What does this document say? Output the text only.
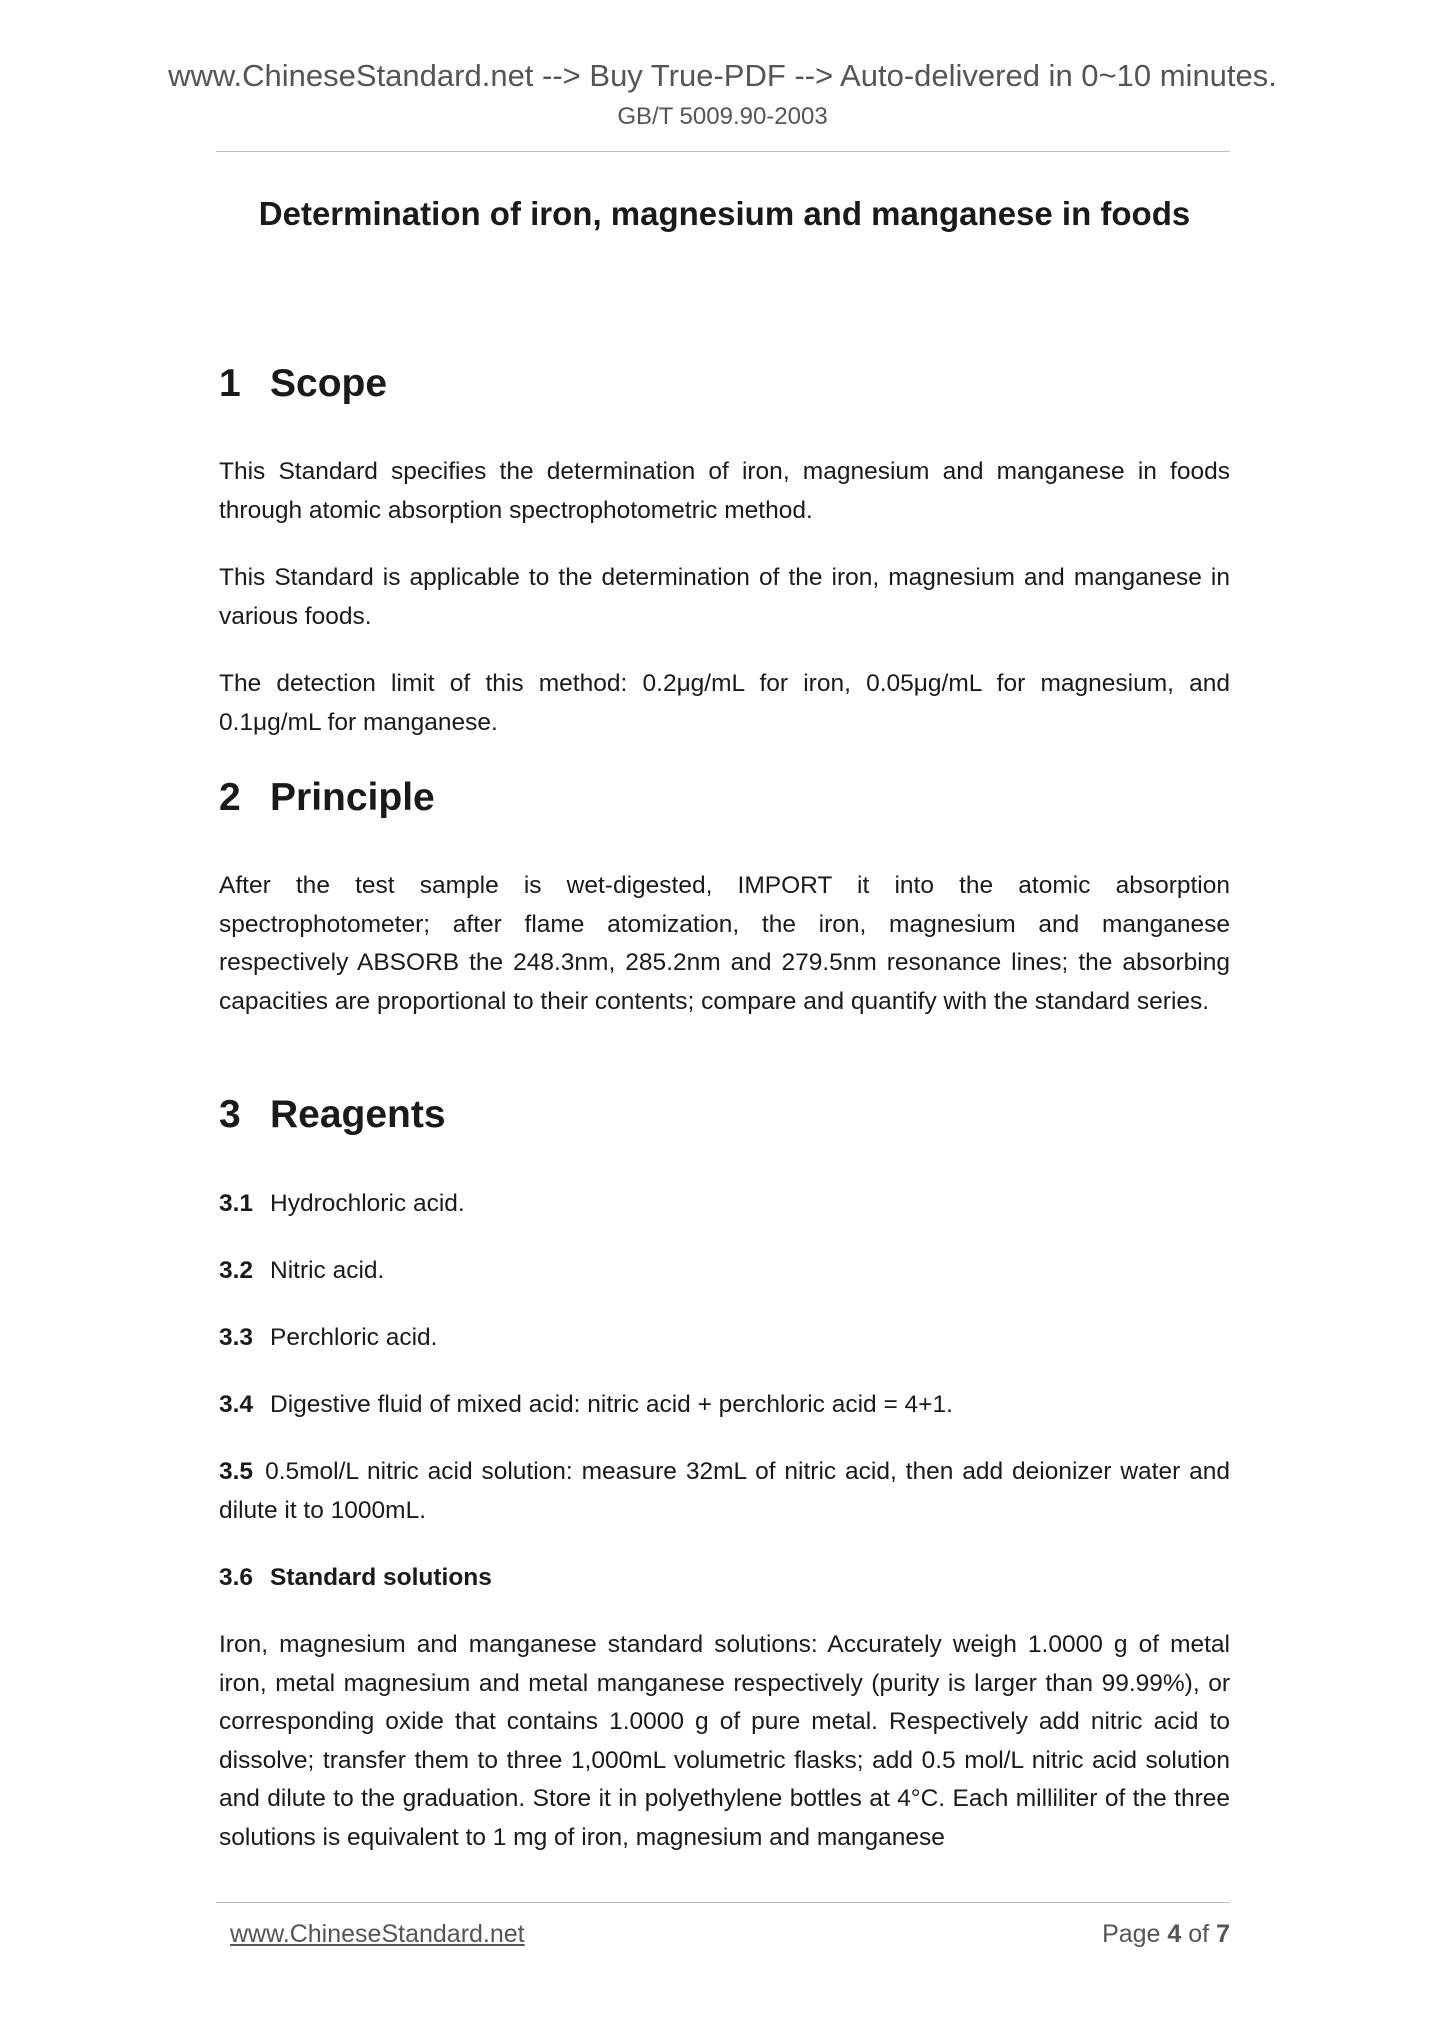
www.ChineseStandard.net --> Buy True-PDF --> Auto-delivered in 0~10 minutes.
GB/T 5009.90-2003
Determination of iron, magnesium and manganese in foods
1 Scope
This Standard specifies the determination of iron, magnesium and manganese in foods through atomic absorption spectrophotometric method.
This Standard is applicable to the determination of the iron, magnesium and manganese in various foods.
The detection limit of this method: 0.2μg/mL for iron, 0.05μg/mL for magnesium, and 0.1μg/mL for manganese.
2 Principle
After the test sample is wet-digested, IMPORT it into the atomic absorption spectrophotometer; after flame atomization, the iron, magnesium and manganese respectively ABSORB the 248.3nm, 285.2nm and 279.5nm resonance lines; the absorbing capacities are proportional to their contents; compare and quantify with the standard series.
3 Reagents
3.1 Hydrochloric acid.
3.2 Nitric acid.
3.3 Perchloric acid.
3.4 Digestive fluid of mixed acid: nitric acid + perchloric acid = 4+1.
3.5 0.5mol/L nitric acid solution: measure 32mL of nitric acid, then add deionizer water and dilute it to 1000mL.
3.6 Standard solutions
Iron, magnesium and manganese standard solutions: Accurately weigh 1.0000 g of metal iron, metal magnesium and metal manganese respectively (purity is larger than 99.99%), or corresponding oxide that contains 1.0000 g of pure metal. Respectively add nitric acid to dissolve; transfer them to three 1,000mL volumetric flasks; add 0.5 mol/L nitric acid solution and dilute to the graduation. Store it in polyethylene bottles at 4°C. Each milliliter of the three solutions is equivalent to 1 mg of iron, magnesium and manganese
www.ChineseStandard.net	Page 4 of 7
